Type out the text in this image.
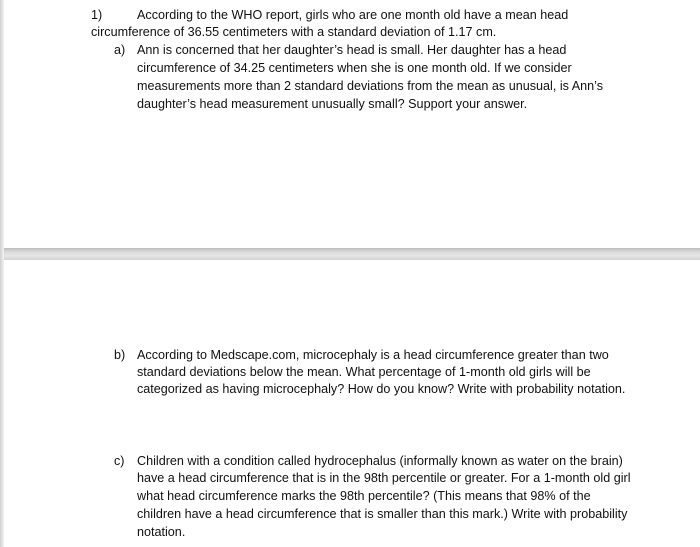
1)	According to the WHO report, girls who are one month old have a mean head
circumference of 36.55 centimeters with a standard deviation of 1.17 cm.
a) Ann is concerned that her daughter’s head is small. Her daughter has a head
circumference of 34.25 centimeters when she is one month old. If we consider
measurements more than 2 standard deviations from the mean as unusual, is Ann’s
daughter’s head measurement unusually small? Support your answer.
b) According to Medscape.com, microcephaly is a head circumference greater than two
standard deviations below the mean. What percentage of 1-month old girls will be
categorized as having microcephaly? How do you know? Write with probability notation.
c) Children with a condition called hydrocephalus (informally known as water on the brain)
have a head circumference that is in the 98th percentile or greater. For a 1-month old girl
what head circumference marks the 98th percentile? (This means that 98% of the
children have a head circumference that is smaller than this mark.) Write with probability
notation.
